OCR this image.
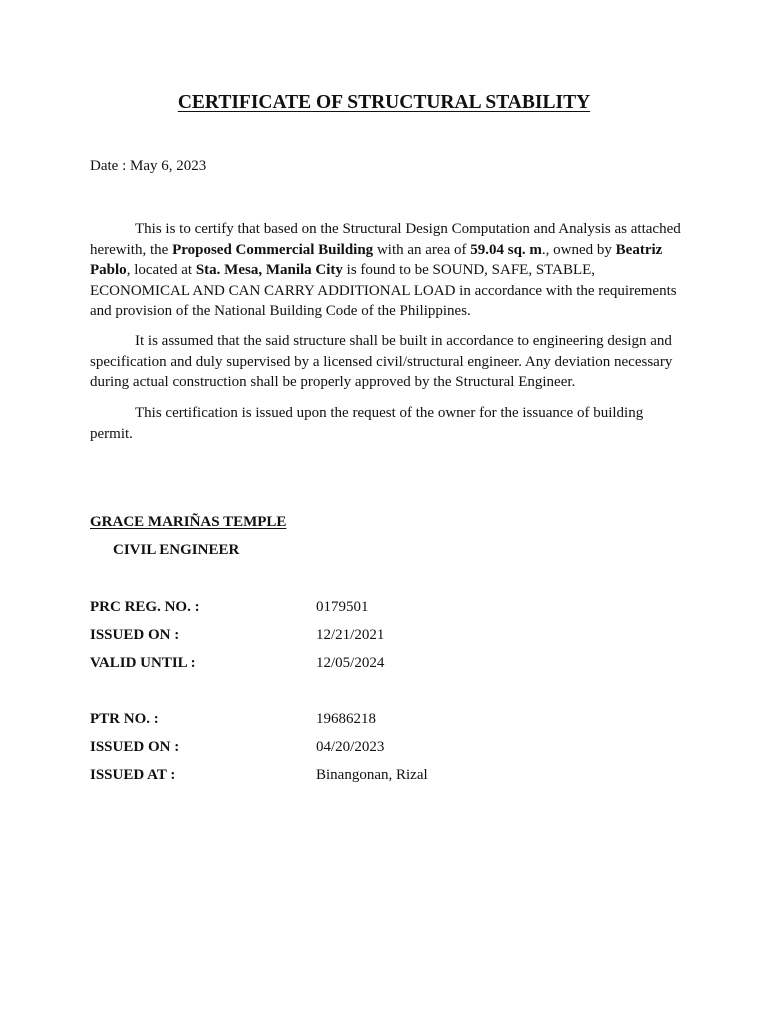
CERTIFICATE OF STRUCTURAL STABILITY
Date : May 6, 2023

This is to certify that based on the Structural Design Computation and Analysis as attached herewith, the Proposed Commercial Building with an area of 59.04 sq. m., owned by Beatriz Pablo, located at Sta. Mesa, Manila City is found to be SOUND, SAFE, STABLE, ECONOMICAL AND CAN CARRY ADDITIONAL LOAD in accordance with the requirements and provision of the National Building Code of the Philippines.

It is assumed that the said structure shall be built in accordance to engineering design and specification and duly supervised by a licensed civil/structural engineer. Any deviation necessary during actual construction shall be properly approved by the Structural Engineer.

This certification is issued upon the request of the owner for the issuance of building permit.

GRACE MARIÑAS TEMPLE
CIVIL ENGINEER
PRC REG. NO. :	0179501
ISSUED ON :	12/21/2021
VALID UNTIL :	12/05/2024
PTR NO. :	19686218
ISSUED ON :	04/20/2023
ISSUED AT :	Binangonan, Rizal
